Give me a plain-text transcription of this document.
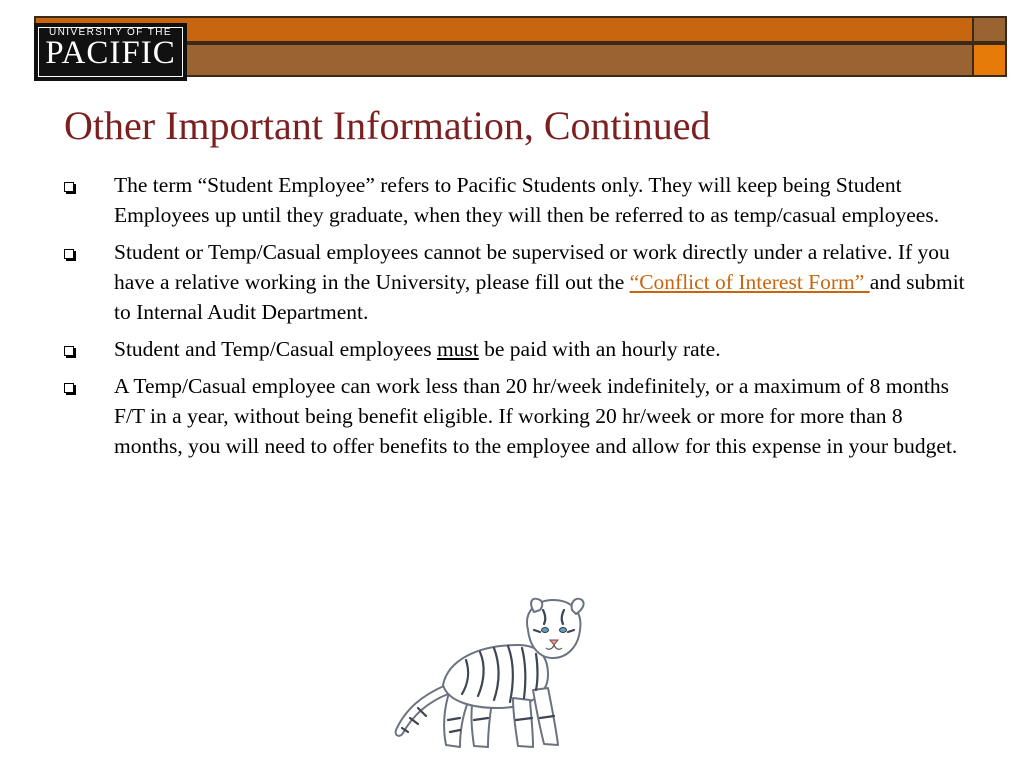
UNIVERSITY OF THE
PACIFIC
Other Important Information, Continued
The term “Student Employee” refers to Pacific Students only. They will keep being Student Employees up until they graduate, when they will then be referred to as temp/casual employees.
Student or Temp/Casual employees cannot be supervised or work directly under a relative. If you have a relative working in the University, please fill out the “Conflict of Interest Form” and submit to Internal Audit Department.
Student and Temp/Casual employees must be paid with an hourly rate.
A Temp/Casual employee can work less than 20 hr/week indefinitely, or a maximum of 8 months F/T in a year, without being benefit eligible. If working 20 hr/week or more for more than 8 months, you will need to offer benefits to the employee and allow for this expense in your budget.
